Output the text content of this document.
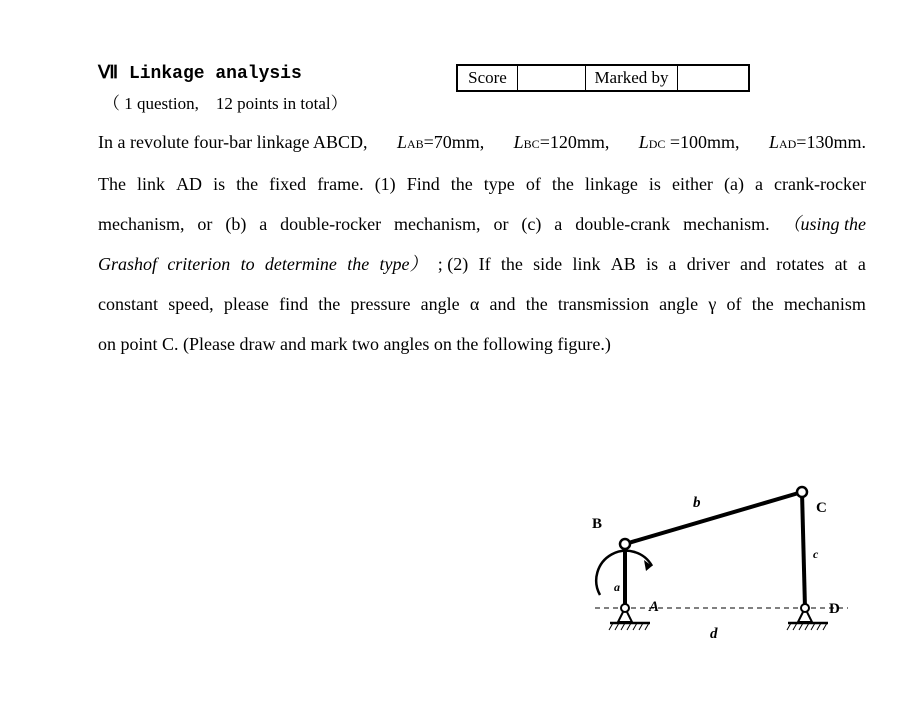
Ⅶ Linkage analysis
（ 1 question,    12 points in total）
Score	Marked by
In a revolute four-bar linkage ABCD, LAB=70mm, LBC=120mm, LDC =100mm, LAD=130mm.
The link AD is the fixed frame. (1) Find the type of the linkage is either (a) a crank-rocker
mechanism, or (b) a double-rocker mechanism, or (c) a double-crank mechanism. （using the
Grashof criterion to determine the type） ; (2) If the side link AB is a driver and rotates at a
constant speed, please find the pressure angle α and the transmission angle γ of the mechanism
on point C. (Please draw and mark two angles on the following figure.)
B
C
A	D
a
b
c
d
